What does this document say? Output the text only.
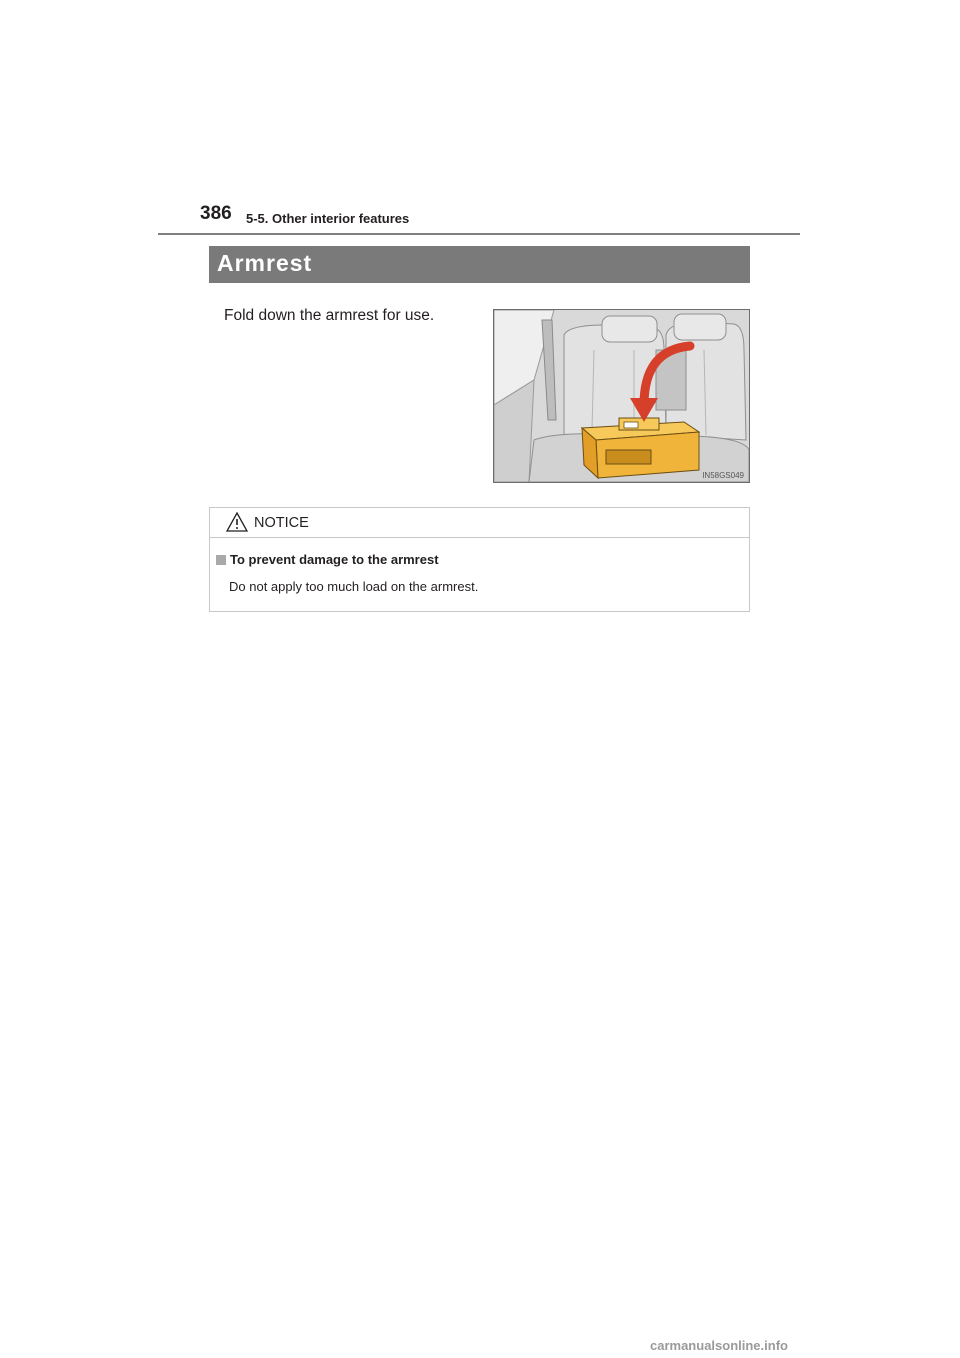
386 5-5. Other interior features
Armrest
Fold down the armrest for use.
IN58GS049
NOTICE
To prevent damage to the armrest
Do not apply too much load on the armrest.
carmanualsonline.info
